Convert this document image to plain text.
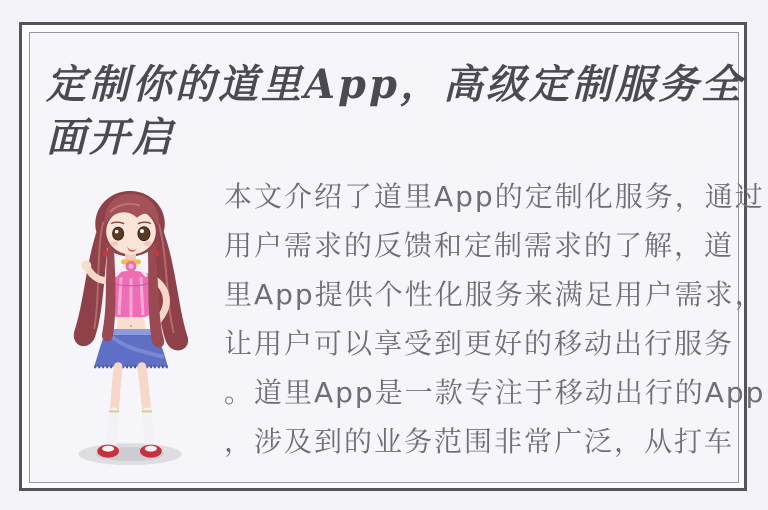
定制你的道里App，高级定制服务全面开启
本文介绍了道里App的定制化服务，通过
用户需求的反馈和定制需求的了解，道
里App提供个性化服务来满足用户需求，
让用户可以享受到更好的移动出行服务
。道里App是一款专注于移动出行的App
，涉及到的业务范围非常广泛，从打车
